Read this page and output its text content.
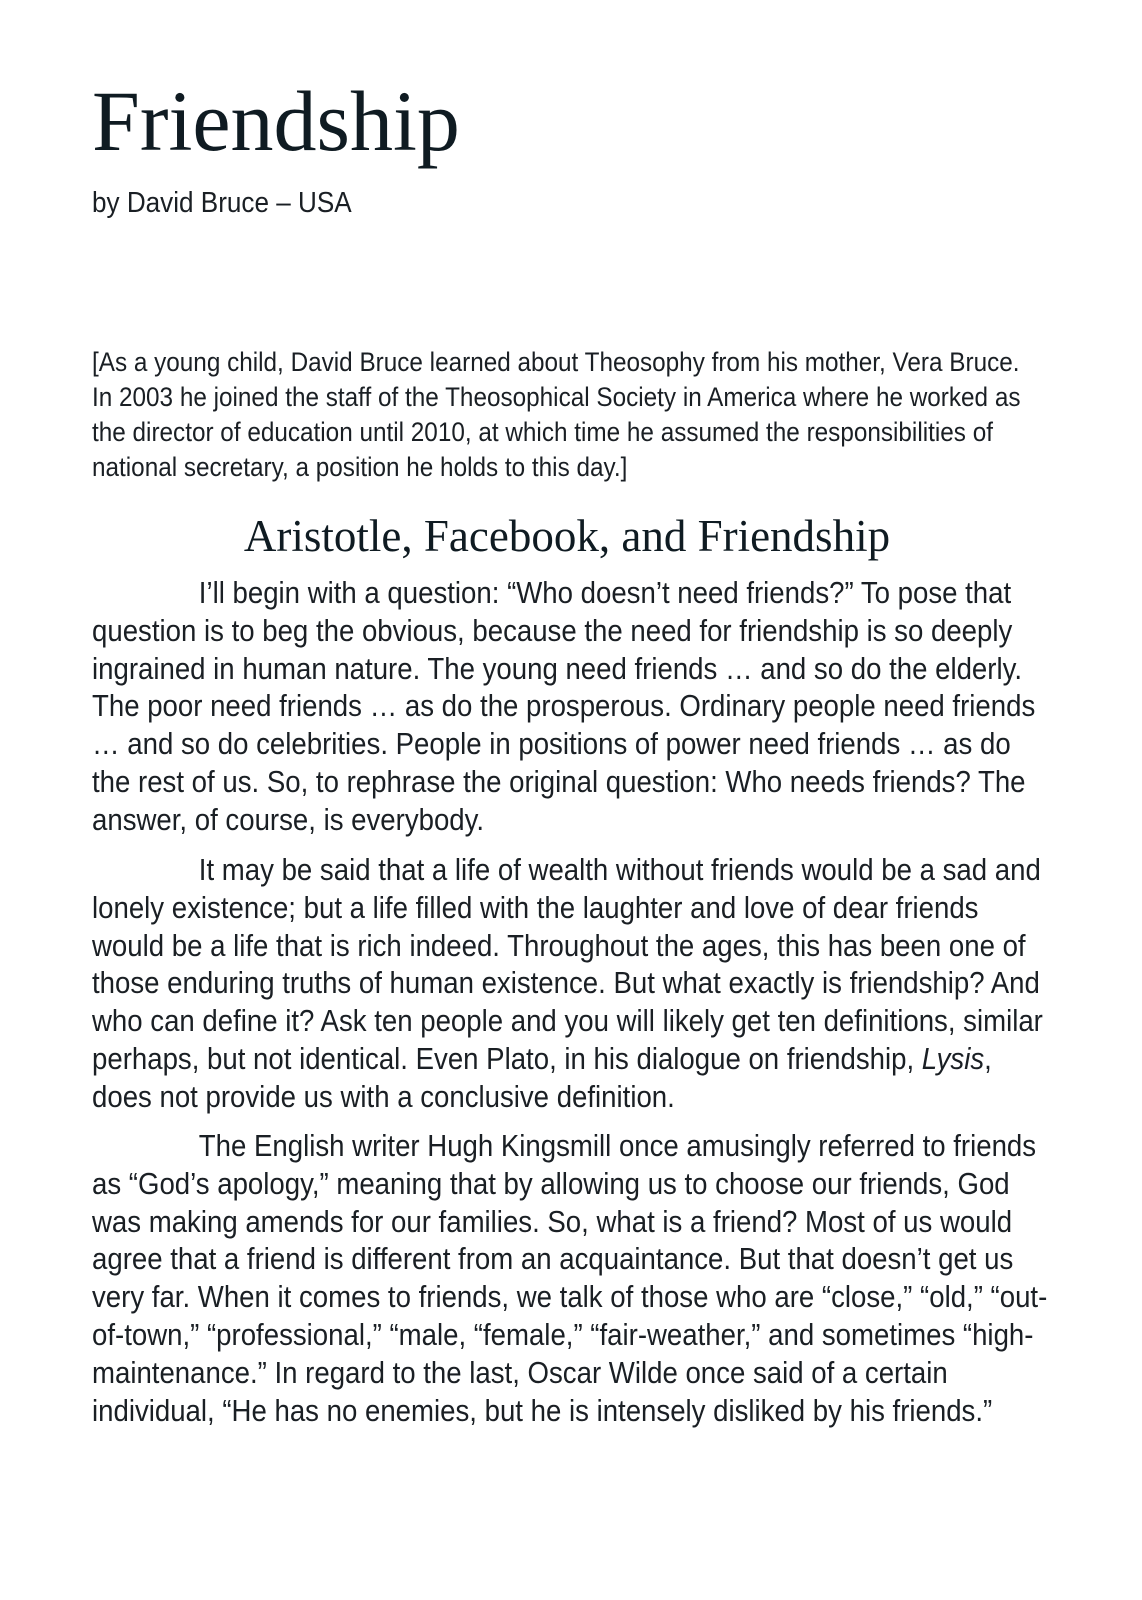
Friendship
by David Bruce – USA

[As a young child, David Bruce learned about Theosophy from his mother, Vera Bruce.
In 2003 he joined the staff of the Theosophical Society in America where he worked as
the director of education until 2010, at which time he assumed the responsibilities of
national secretary, a position he holds to this day.]

Aristotle, Facebook, and Friendship

I’ll begin with a question: “Who doesn’t need friends?” To pose that
question is to beg the obvious, because the need for friendship is so deeply
ingrained in human nature. The young need friends … and so do the elderly.
The poor need friends … as do the prosperous. Ordinary people need friends
… and so do celebrities. People in positions of power need friends … as do
the rest of us. So, to rephrase the original question: Who needs friends? The
answer, of course, is everybody.

It may be said that a life of wealth without friends would be a sad and
lonely existence; but a life filled with the laughter and love of dear friends
would be a life that is rich indeed. Throughout the ages, this has been one of
those enduring truths of human existence. But what exactly is friendship? And
who can define it? Ask ten people and you will likely get ten definitions, similar
perhaps, but not identical. Even Plato, in his dialogue on friendship, Lysis,
does not provide us with a conclusive definition.

The English writer Hugh Kingsmill once amusingly referred to friends
as “God’s apology,” meaning that by allowing us to choose our friends, God
was making amends for our families. So, what is a friend? Most of us would
agree that a friend is different from an acquaintance. But that doesn’t get us
very far. When it comes to friends, we talk of those who are “close,” “old,” “out-
of-town,” “professional,” “male, “female,” “fair-weather,” and sometimes “high-
maintenance.” In regard to the last, Oscar Wilde once said of a certain
individual, “He has no enemies, but he is intensely disliked by his friends.”
